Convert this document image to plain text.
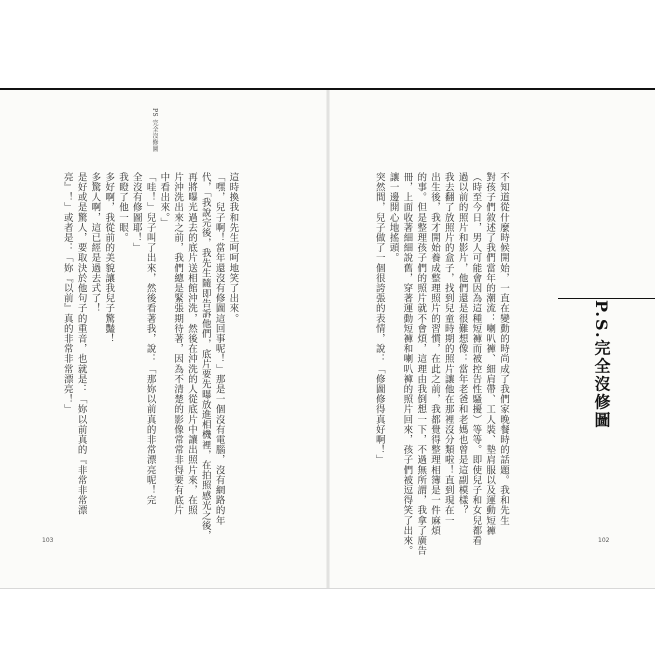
PS 完全沒修圖
P.S.完全沒修圖
不知道從什麼時候開始，一直在變動的時尚成了我們家晚餐時的話題。我和先生
對孩子們敘述了我們當年的潮流：喇叭褲、細肩帶、工人裝、墊肩服以及運動短褲
（時至今日，男人可能會因為這種短褲而被控告性騷擾）等等。即使兒子和女兒都看
過以前的照片和影片，他們還是很難想像：當年老爸和老媽也曾是這副模樣？
我去翻了放照片的盒子，找到兒童時期的照片讓他在那裡沒分類啦！直到現在一
出生後，我才開始養成整理照片的習慣，在此之前，我都覺得整理相簿是一件麻煩
的事。但是整理孩子們的照片就不會煩，這理由我倒想一下，不過無所謂，我拿了廣告
冊，上面收著細細說舊，穿著運動短褲和喇叭褲的照片回來，孩子們被逗得笑了出來。
讓一邊開心地搖頭。
突然間，兒子做了一個很誇張的表情，說：「修圖修得真好啊！」
這時換我和先生呵呵地笑了出來。
「嘿，兒子啊！當年還沒有修圖這回事呢！」那是一個沒有電腦，沒有網路的年
代，「我說完後，我先生隨即告訴他們，底片要先曝放進相機裡，在拍照感光之後，
再將曝光過去的底片送相館沖洗，然後在沖洗的人從底片中讓出照片來，在照
片沖洗出來之前，我們總是緊張期待著，因為不清楚的影像常常非得要有底片
中看出來。」
「哇！」兒子叫了出來，然後看著我，說：「那妳以前真的非常漂亮呢！完
全沒有修圖耶！」
我瞪了他一眼。
多好啊，我從前的美貌讓我兒子驚豔！
多驚人啊，這已經是過去式了！
是好或是驚人，要取決於他句子的重音，也就是：「妳以前真的『非常非常漂
亮』！」或者是：「妳『以前』真的非常非常漂亮！」
103	102
